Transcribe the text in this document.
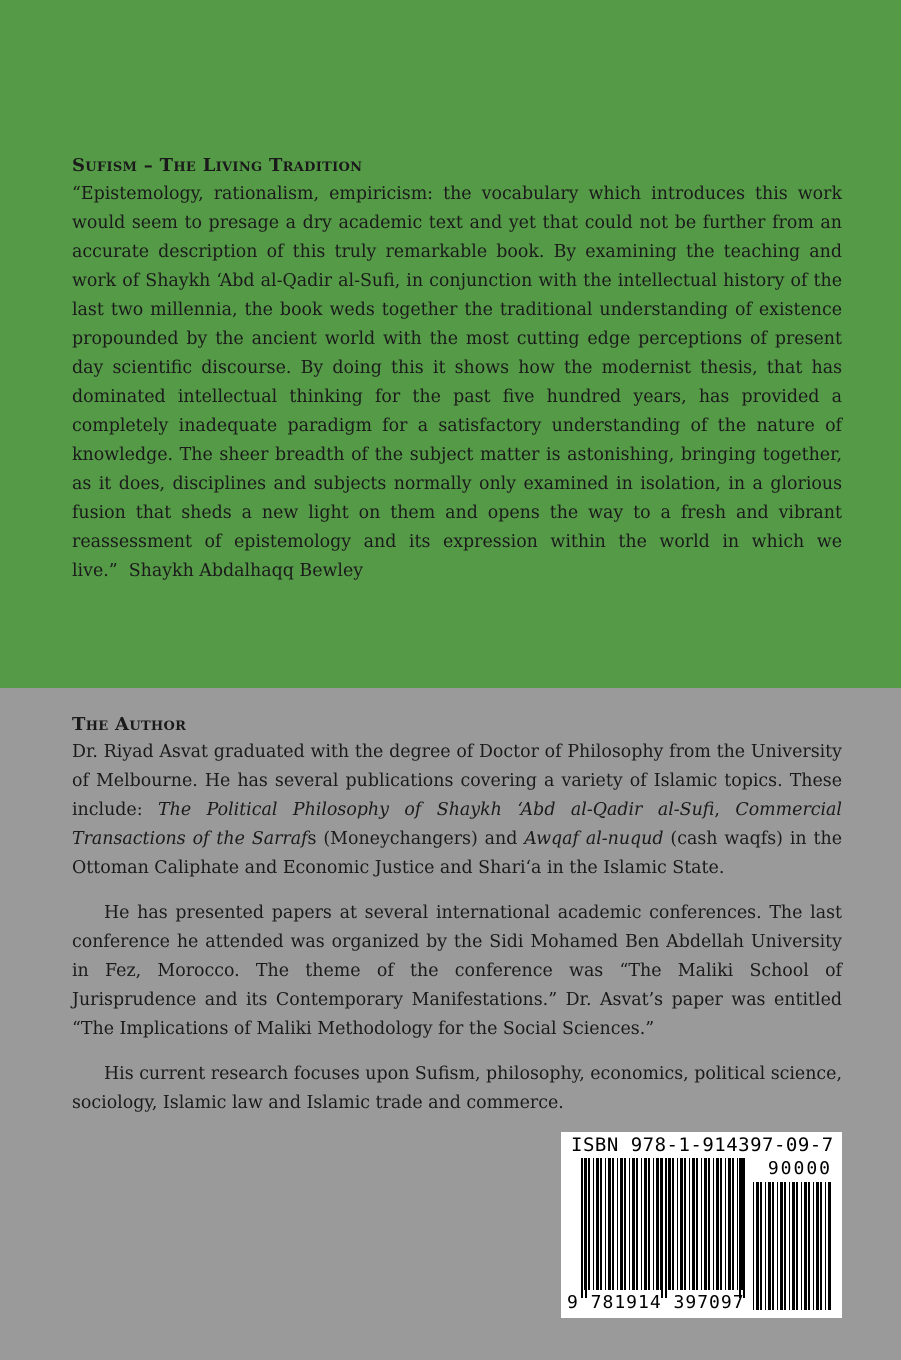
Sufism – The Living Tradition

“Epistemology, rationalism, empiricism: the vocabulary which introduces this work would seem to presage a dry academic text and yet that could not be further from an accurate description of this truly remarkable book. By examining the teaching and work of Shaykh ‘Abd al-Qadir al-Sufi, in conjunction with the intellectual history of the last two millennia, the book weds together the traditional understanding of existence propounded by the ancient world with the most cutting edge perceptions of present day scientific discourse. By doing this it shows how the modernist thesis, that has dominated intellectual thinking for the past five hundred years, has provided a completely inadequate paradigm for a satisfactory understanding of the nature of knowledge. The sheer breadth of the subject matter is astonishing, bringing together, as it does, disciplines and subjects normally only examined in isolation, in a glorious fusion that sheds a new light on them and opens the way to a fresh and vibrant reassessment of epistemology and its expression within the world in which we live.” Shaykh Abdalhaqq Bewley

The Author

Dr. Riyad Asvat graduated with the degree of Doctor of Philosophy from the University of Melbourne. He has several publications covering a variety of Islamic topics. These include: The Political Philosophy of Shaykh ‘Abd al-Qadir al-Sufi, Commercial Transactions of the Sarrafs (Moneychangers) and Awqaf al-nuqud (cash waqfs) in the Ottoman Caliphate and Economic Justice and Shari‘a in the Islamic State.

He has presented papers at several international academic conferences. The last conference he attended was organized by the Sidi Mohamed Ben Abdellah University in Fez, Morocco. The theme of the conference was “The Maliki School of Jurisprudence and its Contemporary Manifestations.” Dr. Asvat’s paper was entitled “The Implications of Maliki Methodology for the Social Sciences.”

His current research focuses upon Sufism, philosophy, economics, political science, sociology, Islamic law and Islamic trade and commerce.

ISBN 978-1-914397-09-7
90000
9 781914 397097
